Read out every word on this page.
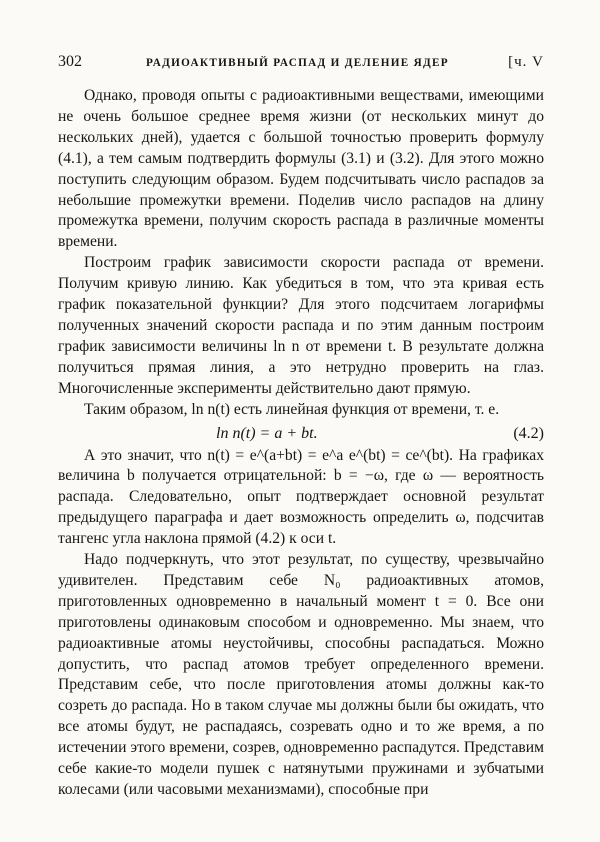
302	РАДИОАКТИВНЫЙ РАСПАД И ДЕЛЕНИЕ ЯДЕР	[ч. V

Однако, проводя опыты с радиоактивными веществами, имеющими не очень большое среднее время жизни (от нескольких минут до нескольких дней), удается с большой точностью проверить формулу (4.1), а тем самым подтвердить формулы (3.1) и (3.2). Для этого можно поступить следующим образом. Будем подсчитывать число распадов за небольшие промежутки времени. Поделив число распадов на длину промежутка времени, получим скорость распада в различные моменты времени.

Построим график зависимости скорости распада от времени. Получим кривую линию. Как убедиться в том, что эта кривая есть график показательной функции? Для этого подсчитаем логарифмы полученных значений скорости распада и по этим данным построим график зависимости величины ln n от времени t. В результате должна получиться прямая линия, а это нетрудно проверить на глаз. Многочисленные эксперименты действительно дают прямую.

Таким образом, ln n(t) есть линейная функция от времени, т. е.

ln n(t) = a + bt.	(4.2)

А это значит, что n(t) = e^(a+bt) = e^a e^(bt) = ce^(bt). На графиках величина b получается отрицательной: b = −ω, где ω — вероятность распада. Следовательно, опыт подтверждает основной результат предыдущего параграфа и дает возможность определить ω, подсчитав тангенс угла наклона прямой (4.2) к оси t.

Надо подчеркнуть, что этот результат, по существу, чрезвычайно удивителен. Представим себе N₀ радиоактивных атомов, приготовленных одновременно в начальный момент t = 0. Все они приготовлены одинаковым способом и одновременно. Мы знаем, что радиоактивные атомы неустойчивы, способны распадаться. Можно допустить, что распад атомов требует определенного времени. Представим себе, что после приготовления атомы должны как-то созреть до распада. Но в таком случае мы должны были бы ожидать, что все атомы будут, не распадаясь, созревать одно и то же время, а по истечении этого времени, созрев, одновременно распадутся. Представим себе какие-то модели пушек с натянутыми пружинами и зубчатыми колесами (или часовыми механизмами), способные при
